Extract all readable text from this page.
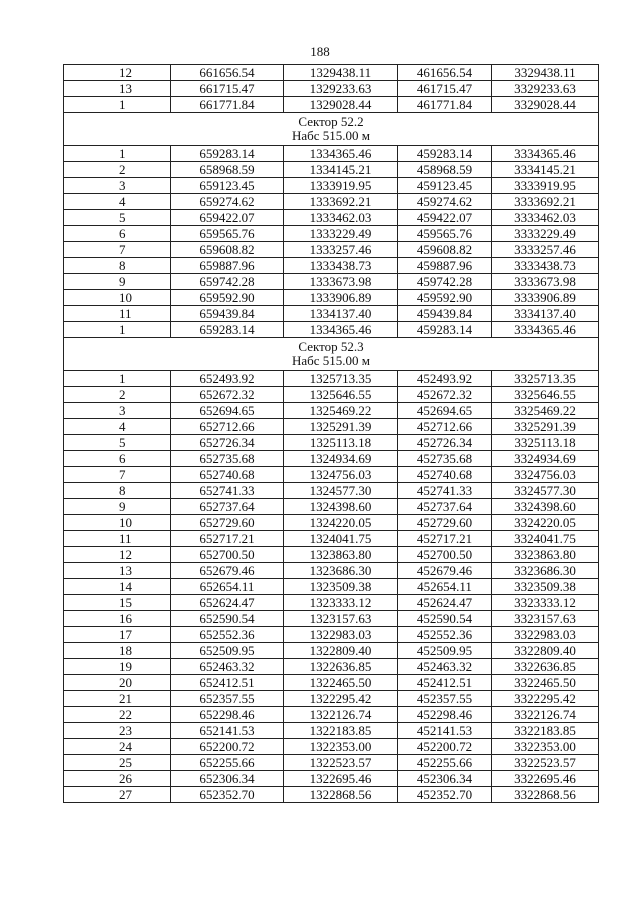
188
12	661656.54	1329438.11	461656.54	3329438.11
13	661715.47	1329233.63	461715.47	3329233.63
1	661771.84	1329028.44	461771.84	3329028.44

Сектор 52.2
Набс 515.00 м				

1	659283.14	1334365.46	459283.14	3334365.46
2	658968.59	1334145.21	458968.59	3334145.21
3	659123.45	1333919.95	459123.45	3333919.95
4	659274.62	1333692.21	459274.62	3333692.21
5	659422.07	1333462.03	459422.07	3333462.03
6	659565.76	1333229.49	459565.76	3333229.49
7	659608.82	1333257.46	459608.82	3333257.46
8	659887.96	1333438.73	459887.96	3333438.73
9	659742.28	1333673.98	459742.28	3333673.98
10	659592.90	1333906.89	459592.90	3333906.89
11	659439.84	1334137.40	459439.84	3334137.40
1	659283.14	1334365.46	459283.14	3334365.46

Сектор 52.3
Набс 515.00 м				

1	652493.92	1325713.35	452493.92	3325713.35
2	652672.32	1325646.55	452672.32	3325646.55
3	652694.65	1325469.22	452694.65	3325469.22
4	652712.66	1325291.39	452712.66	3325291.39
5	652726.34	1325113.18	452726.34	3325113.18
6	652735.68	1324934.69	452735.68	3324934.69
7	652740.68	1324756.03	452740.68	3324756.03
8	652741.33	1324577.30	452741.33	3324577.30
9	652737.64	1324398.60	452737.64	3324398.60
10	652729.60	1324220.05	452729.60	3324220.05
11	652717.21	1324041.75	452717.21	3324041.75
12	652700.50	1323863.80	452700.50	3323863.80
13	652679.46	1323686.30	452679.46	3323686.30
14	652654.11	1323509.38	452654.11	3323509.38
15	652624.47	1323333.12	452624.47	3323333.12
16	652590.54	1323157.63	452590.54	3323157.63
17	652552.36	1322983.03	452552.36	3322983.03
18	652509.95	1322809.40	452509.95	3322809.40
19	652463.32	1322636.85	452463.32	3322636.85
20	652412.51	1322465.50	452412.51	3322465.50
21	652357.55	1322295.42	452357.55	3322295.42
22	652298.46	1322126.74	452298.46	3322126.74
23	652141.53	1322183.85	452141.53	3322183.85
24	652200.72	1322353.00	452200.72	3322353.00
25	652255.66	1322523.57	452255.66	3322523.57
26	652306.34	1322695.46	452306.34	3322695.46
27	652352.70	1322868.56	452352.70	3322868.56
